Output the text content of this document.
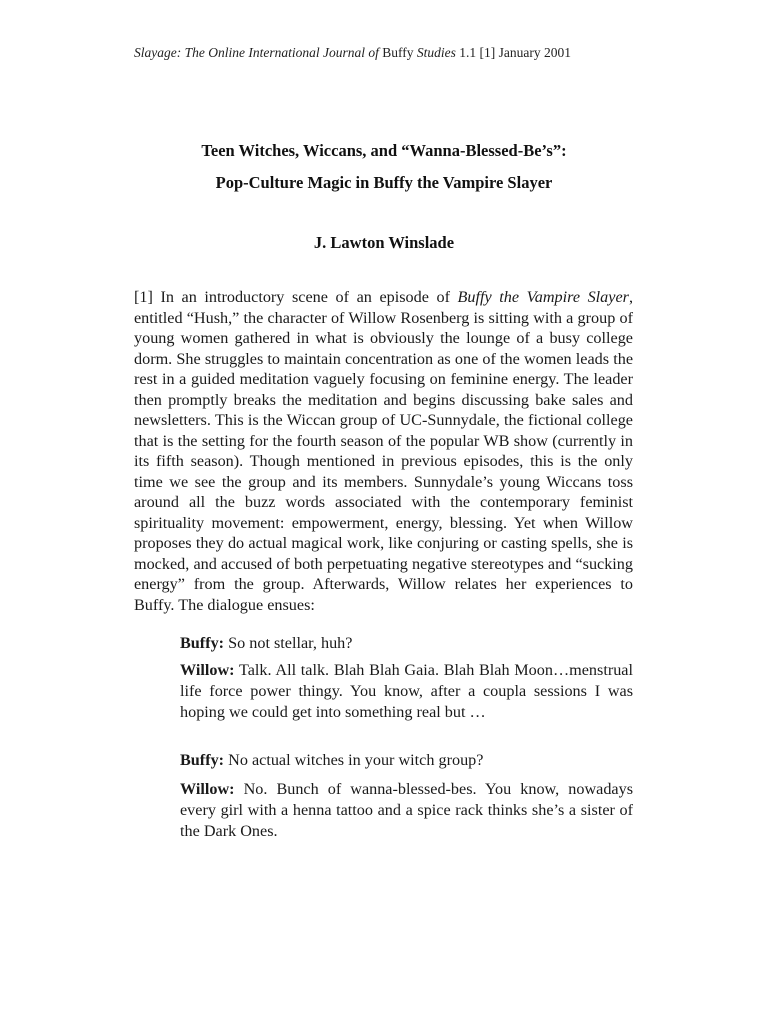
Slayage: The Online International Journal of Buffy Studies 1.1 [1] January 2001
Teen Witches, Wiccans, and “Wanna-Blessed-Be’s”:
Pop-Culture Magic in Buffy the Vampire Slayer
J. Lawton Winslade

[1] In an introductory scene of an episode of Buffy the Vampire Slayer, entitled “Hush,” the character of Willow Rosenberg is sitting with a group of young women gathered in what is obviously the lounge of a busy college dorm. She struggles to maintain concentration as one of the women leads the rest in a guided meditation vaguely focusing on feminine energy. The leader then promptly breaks the meditation and begins discussing bake sales and newsletters. This is the Wiccan group of UC-Sunnydale, the fictional college that is the setting for the fourth season of the popular WB show (currently in its fifth season). Though mentioned in previous episodes, this is the only time we see the group and its members. Sunnydale’s young Wiccans toss around all the buzz words associated with the contemporary feminist spirituality movement: empowerment, energy, blessing. Yet when Willow proposes they do actual magical work, like conjuring or casting spells, she is mocked, and accused of both perpetuating negative stereotypes and “sucking energy” from the group. Afterwards, Willow relates her experiences to Buffy. The dialogue ensues:

Buffy: So not stellar, huh?
Willow: Talk. All talk. Blah Blah Gaia. Blah Blah Moon…menstrual life force power thingy. You know, after a coupla sessions I was hoping we could get into something real but …
Buffy: No actual witches in your witch group?
Willow: No. Bunch of wanna-blessed-bes. You know, nowadays every girl with a henna tattoo and a spice rack thinks she’s a sister of the Dark Ones.
